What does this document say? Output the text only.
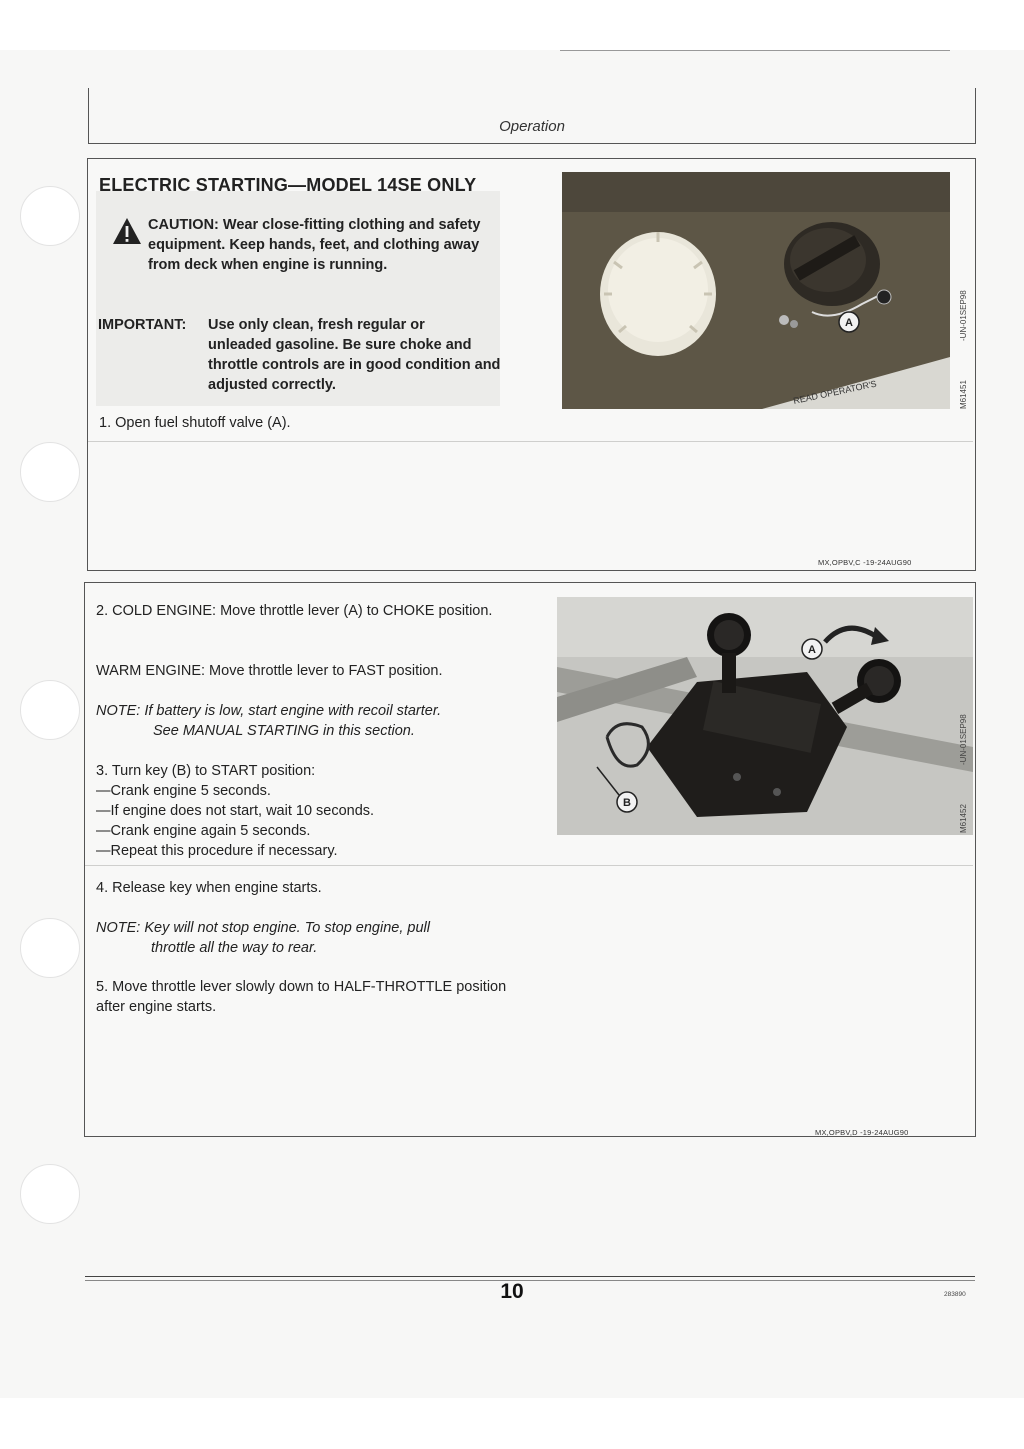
Operation
ELECTRIC STARTING—MODEL 14SE ONLY
CAUTION: Wear close-fitting clothing and safety equipment. Keep hands, feet, and clothing away from deck when engine is running.
IMPORTANT: Use only clean, fresh regular or
unleaded gasoline. Be sure choke and throttle controls are in good condition and adjusted correctly.
1. Open fuel shutoff valve (A).
A
READ OPERATOR'S	M61451
-UN-01SEP98
MX,OPBV,C -19-24AUG90
2. COLD ENGINE: Move throttle lever (A) to CHOKE position.
WARM ENGINE: Move throttle lever to FAST position.
NOTE: If battery is low, start engine with recoil starter.
See MANUAL STARTING in this section.
3. Turn key (B) to START position:
—Crank engine 5 seconds.
—If engine does not start, wait 10 seconds.
—Crank engine again 5 seconds.
—Repeat this procedure if necessary.
4. Release key when engine starts.
NOTE: Key will not stop engine. To stop engine, pull
throttle all the way to rear.
5. Move throttle lever slowly down to HALF-THROTTLE position after engine starts.
A
B
M61452
-UN-01SEP98
MX,OPBV,D -19-24AUG90
10	283890
